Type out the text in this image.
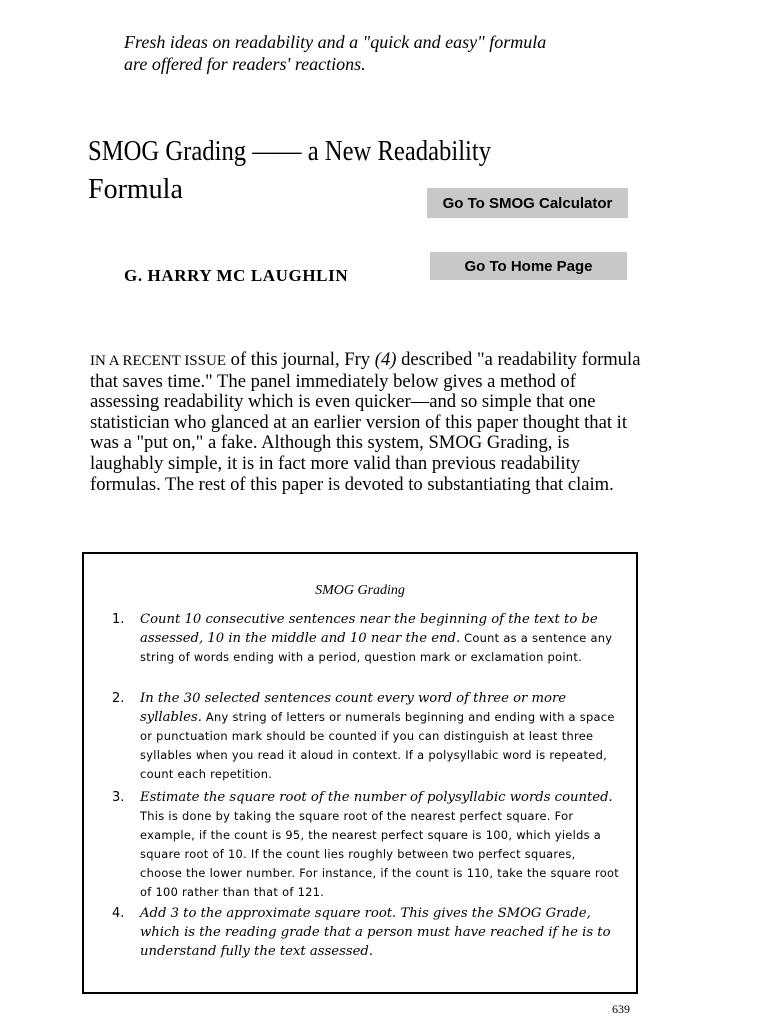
Fresh ideas on readability and a "quick and easy" formula
are offered for readers' reactions.
SMOG Grading —— a New Readability
Formula	Go To SMOG Calculator
Go To Home Page
G. HARRY MC LAUGHLIN
IN A RECENT ISSUE of this journal, Fry (4) described "a readability formula that saves time." The panel immediately below gives a method of assessing readability which is even quicker—and so simple that one statistician who glanced at an earlier version of this paper thought that it was a "put on," a fake. Although this system, SMOG Grading, is laughably simple, it is in fact more valid than previous readability formulas. The rest of this paper is devoted to substantiating that claim.
SMOG Grading
1. Count 10 consecutive sentences near the beginning of the text to be assessed, 10 in the middle and 10 near the end. Count as a sentence any string of words ending with a period, question mark or exclamation point.
2. In the 30 selected sentences count every word of three or more syllables. Any string of letters or numerals beginning and ending with a space or punctuation mark should be counted if you can distinguish at least three syllables when you read it aloud in context. If a polysyllabic word is repeated, count each repetition.
3. Estimate the square root of the number of polysyllabic words counted. This is done by taking the square root of the nearest perfect square. For example, if the count is 95, the nearest perfect square is 100, which yields a square root of 10. If the count lies roughly between two perfect squares, choose the lower number. For instance, if the count is 110, take the square root of 100 rather than that of 121.
4. Add 3 to the approximate square root. This gives the SMOG Grade, which is the reading grade that a person must have reached if he is to understand fully the text assessed.
639
